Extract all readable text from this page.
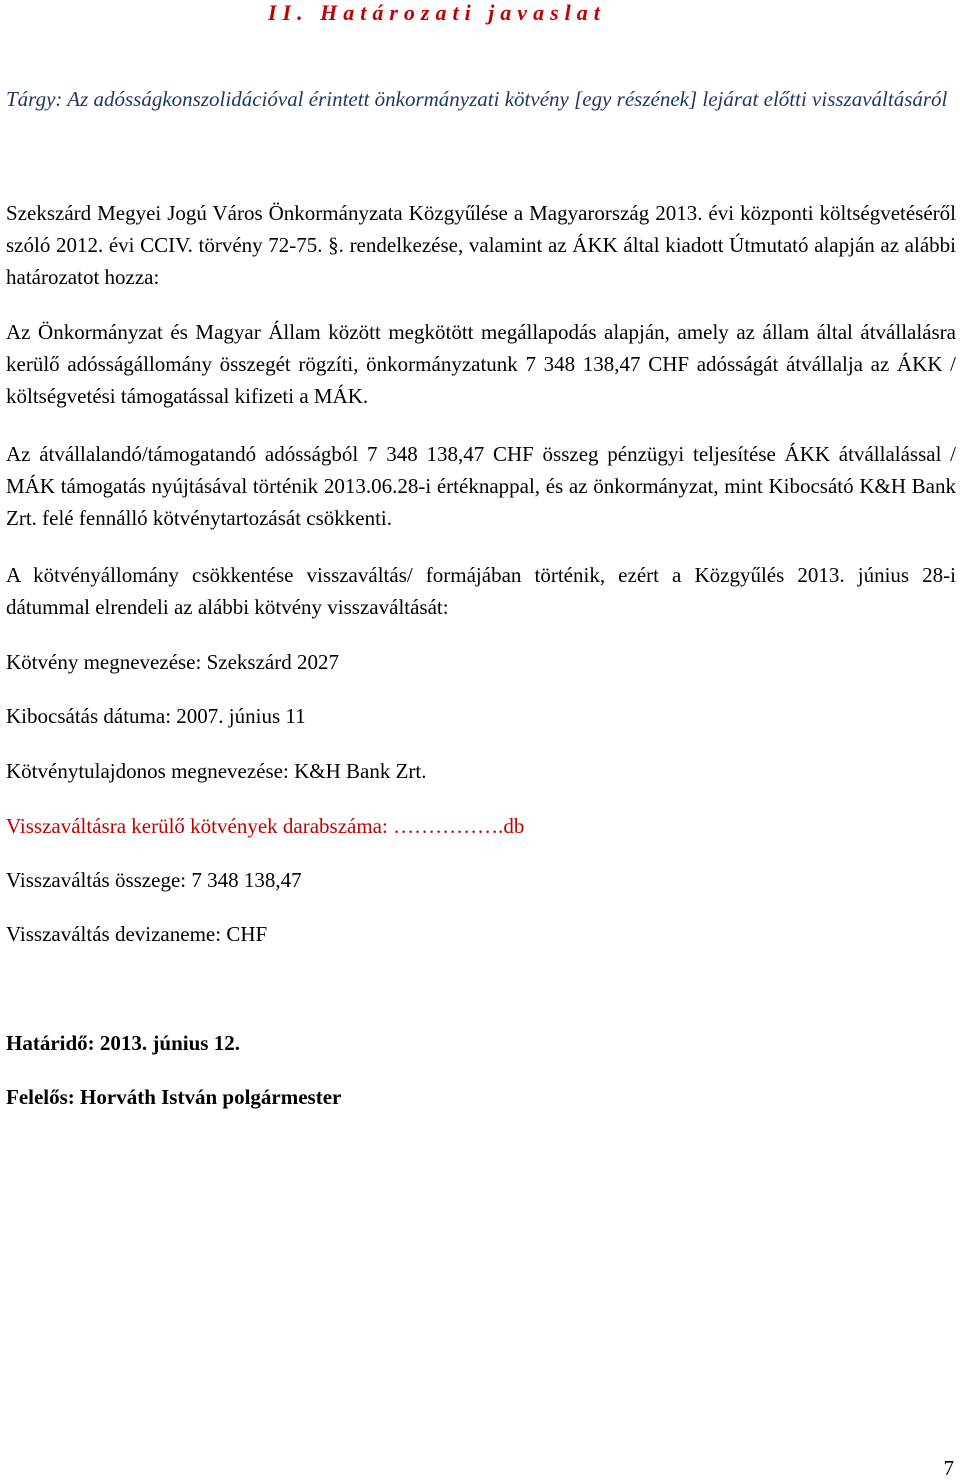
II. Határozati javaslat
Tárgy: Az adósságkonszolidációval érintett önkormányzati kötvény [egy részének] lejárat előtti visszaváltásáról
Szekszárd Megyei Jogú Város Önkormányzata Közgyűlése a Magyarország 2013. évi központi költségvetéséről szóló 2012. évi CCIV. törvény 72-75. §. rendelkezése, valamint az ÁKK által kiadott Útmutató alapján az alábbi határozatot hozza:
Az Önkormányzat és Magyar Állam között megkötött megállapodás alapján, amely az állam által átvállalásra kerülő adósságállomány összegét rögzíti, önkormányzatunk 7 348 138,47 CHF adósságát átvállalja az ÁKK / költségvetési támogatással kifizeti a MÁK.
Az átvállalandó/támogatandó adósságból 7 348 138,47 CHF összeg pénzügyi teljesítése ÁKK átvállalással / MÁK támogatás nyújtásával történik 2013.06.28-i értéknappal, és az önkormányzat, mint Kibocsátó K&H Bank Zrt. felé fennálló kötvénytartozását csökkenti.
A kötvényállomány csökkentése visszaváltás/ formájában történik, ezért a Közgyűlés 2013. június 28-i dátummal elrendeli az alábbi kötvény visszaváltását:
Kötvény megnevezése: Szekszárd 2027
Kibocsátás dátuma: 2007. június 11
Kötvénytulajdonos megnevezése: K&H Bank Zrt.
Visszaváltásra kerülő kötvények darabszáma: …………….db
Visszaváltás összege: 7 348 138,47
Visszaváltás devizaneme: CHF
Határidő: 2013. június 12.
Felelős: Horváth István polgármester
7
